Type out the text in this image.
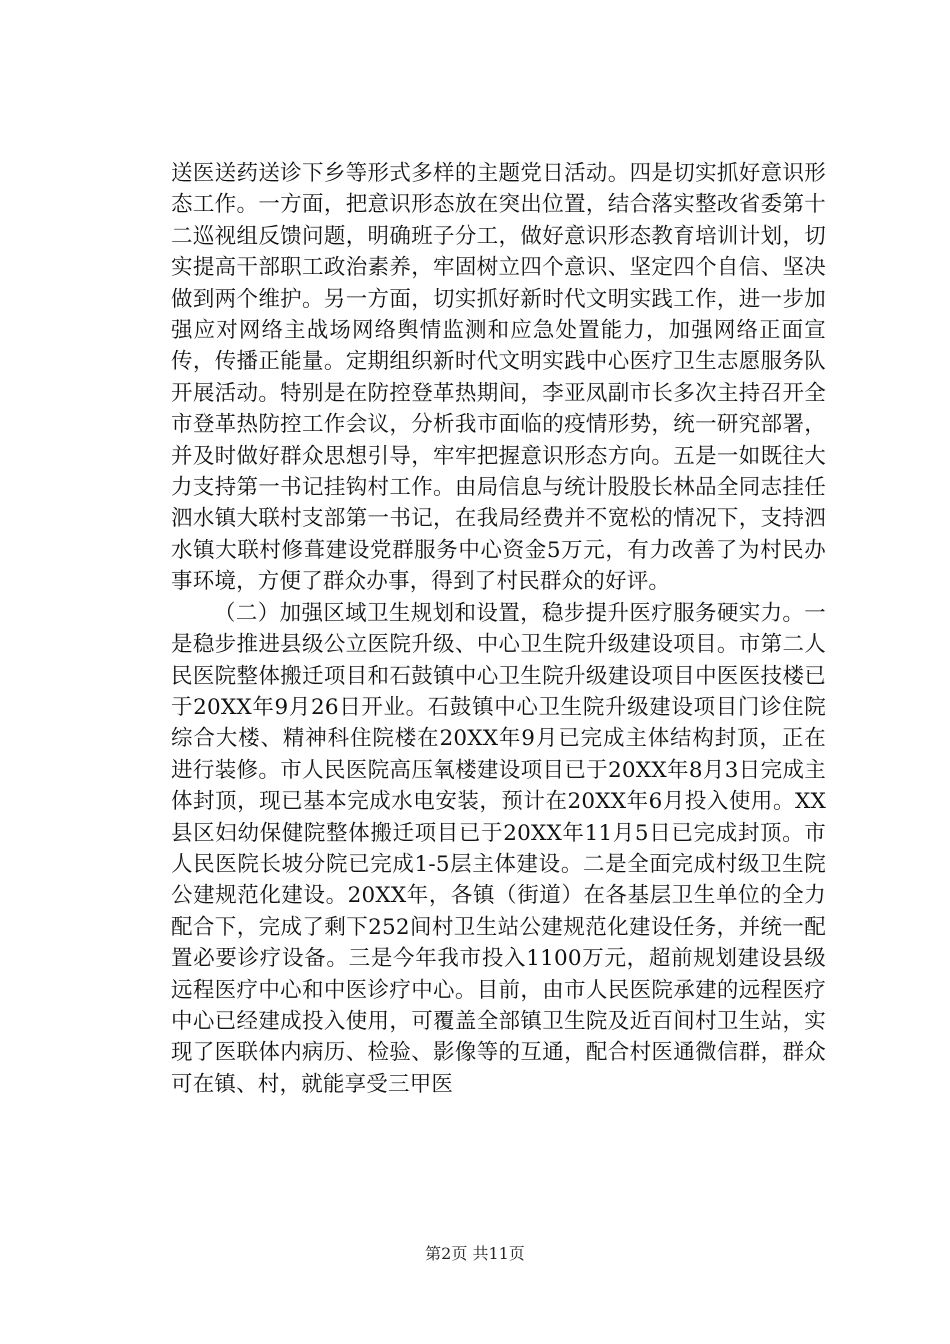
送医送药送诊下乡等形式多样的主题党日活动。四是切实抓好意识形态工作。一方面，把意识形态放在突出位置，结合落实整改省委第十二巡视组反馈问题，明确班子分工，做好意识形态教育培训计划，切实提高干部职工政治素养，牢固树立四个意识、坚定四个自信、坚决做到两个维护。另一方面，切实抓好新时代文明实践工作，进一步加强应对网络主战场网络舆情监测和应急处置能力，加强网络正面宣传，传播正能量。定期组织新时代文明实践中心医疗卫生志愿服务队开展活动。特别是在防控登革热期间，李亚凤副市长多次主持召开全市登革热防控工作会议，分析我市面临的疫情形势，统一研究部署，并及时做好群众思想引导，牢牢把握意识形态方向。五是一如既往大力支持第一书记挂钩村工作。由局信息与统计股股长林品全同志挂任泗水镇大联村支部第一书记，在我局经费并不宽松的情况下，支持泗水镇大联村修葺建设党群服务中心资金5万元，有力改善了为村民办事环境，方便了群众办事，得到了村民群众的好评。

（二）加强区域卫生规划和设置，稳步提升医疗服务硬实力。一是稳步推进县级公立医院升级、中心卫生院升级建设项目。市第二人民医院整体搬迁项目和石鼓镇中心卫生院升级建设项目中医医技楼已于20XX年9月26日开业。石鼓镇中心卫生院升级建设项目门诊住院综合大楼、精神科住院楼在20XX年9月已完成主体结构封顶，正在进行装修。市人民医院高压氧楼建设项目已于20XX年8月3日完成主体封顶，现已基本完成水电安装，预计在20XX年6月投入使用。XX县区妇幼保健院整体搬迁项目已于20XX年11月5日已完成封顶。市人民医院长坡分院已完成1-5层主体建设。二是全面完成村级卫生院公建规范化建设。20XX年，各镇（街道）在各基层卫生单位的全力配合下，完成了剩下252间村卫生站公建规范化建设任务，并统一配置必要诊疗设备。三是今年我市投入1100万元，超前规划建设县级远程医疗中心和中医诊疗中心。目前，由市人民医院承建的远程医疗中心已经建成投入使用，可覆盖全部镇卫生院及近百间村卫生站，实现了医联体内病历、检验、影像等的互通，配合村医通微信群，群众可在镇、村，就能享受三甲医

第2页 共11页
